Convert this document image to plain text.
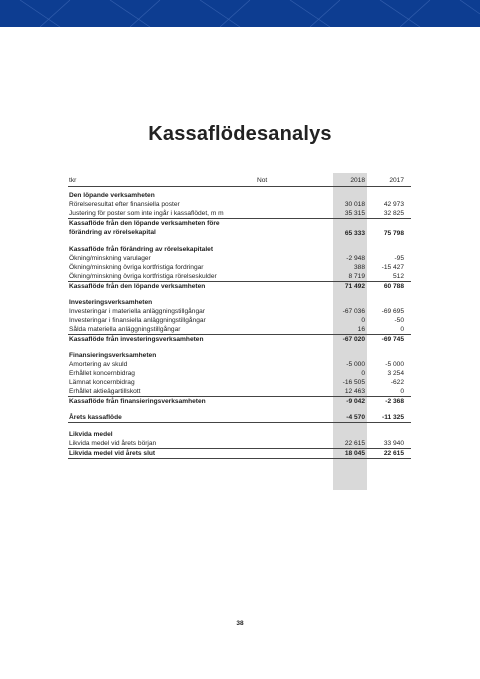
Kassaflödesanalys
tkr	Not	2018	2017
Den löpande verksamheten
Rörelseresultat efter finansiella poster	30 018	42 973
Justering för poster som inte ingår i kassaflödet, m m	35 315	32 825
Kassaflöde från den löpande verksamheten före
förändring av rörelsekapital	65 333	75 798
Kassaflöde från förändring av rörelsekapitalet
Ökning/minskning varulager	-2 948	-95
Ökning/minskning övriga kortfristiga fordringar	388	-15 427
Ökning/minskning övriga kortfristiga rörelseskulder	8 719	512
Kassaflöde från den löpande verksamheten	71 492	60 788
Investeringsverksamheten
Investeringar i materiella anläggningstillgångar	-67 036	-69 695
Investeringar i finansiella anläggningstillgångar	0	-50
Sålda materiella anläggningstillgångar	16	0
Kassaflöde från investeringsverksamheten	-67 020	-69 745
Finansieringsverksamheten
Amortering av skuld	-5 000	-5 000
Erhållet koncernbidrag	0	3 254
Lämnat koncernbidrag	-16 505	-622
Erhållet aktieägartillskott	12 463	0
Kassaflöde från finansieringsverksamheten	-9 042	-2 368
Årets kassaflöde	-4 570	-11 325
Likvida medel
Likvida medel vid årets början	22 615	33 940
Likvida medel vid årets slut	18 045	22 615
38
